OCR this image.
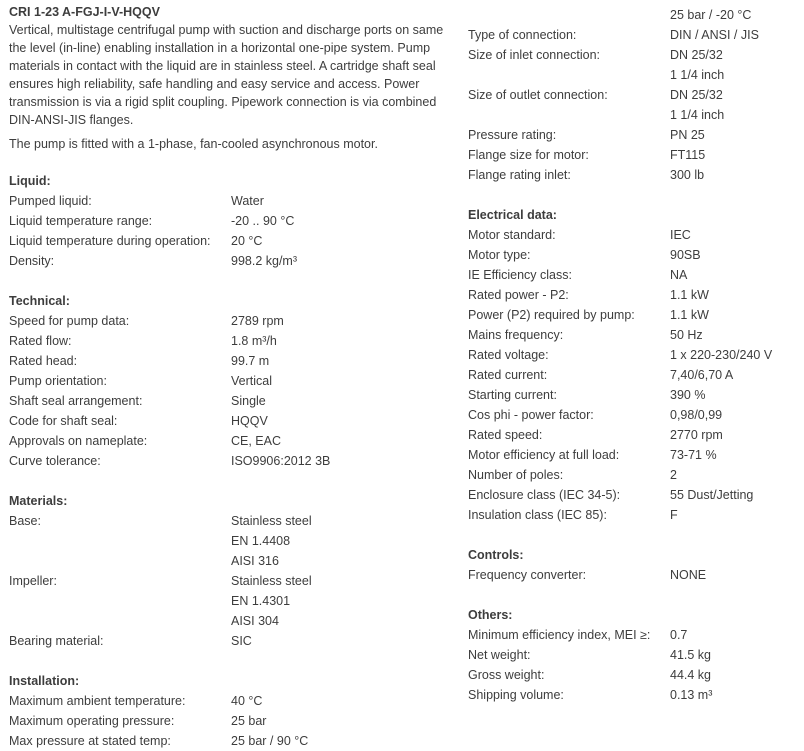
CRI 1-23 A-FGJ-I-V-HQQV

Vertical, multistage centrifugal pump with suction and discharge ports on same the level (in-line) enabling installation in a horizontal one-pipe system. Pump materials in contact with the liquid are in stainless steel. A cartridge shaft seal ensures high reliability, safe handling and easy service and access. Power transmission is via a rigid split coupling. Pipework connection is via combined DIN-ANSI-JIS flanges.

The pump is fitted with a 1-phase, fan-cooled asynchronous motor.

Liquid:
Pumped liquid:	Water
Liquid temperature range:	-20 .. 90 °C
Liquid temperature during operation:	20 °C
Density:	998.2 kg/m³
Technical:
Speed for pump data:	2789 rpm
Rated flow:	1.8 m³/h
Rated head:	99.7 m
Pump orientation:	Vertical
Shaft seal arrangement:	Single
Code for shaft seal:	HQQV
Approvals on nameplate:	CE, EAC
Curve tolerance:	ISO9906:2012 3B
Materials:
Base:	Stainless steel
EN 1.4408
AISI 316
Impeller:	Stainless steel
EN 1.4301
AISI 304
Bearing material:	SIC
Installation:
Maximum ambient temperature:	40 °C
Maximum operating pressure:	25 bar
Max pressure at stated temp:	25 bar / 90 °C
25 bar / -20 °C
Type of connection:	DIN / ANSI / JIS
Size of inlet connection:	DN 25/32
1 1/4 inch
Size of outlet connection:	DN 25/32
1 1/4 inch
Pressure rating:	PN 25
Flange size for motor:	FT115
Flange rating inlet:	300 lb
Electrical data:
Motor standard:	IEC
Motor type:	90SB
IE Efficiency class:	NA
Rated power - P2:	1.1 kW
Power (P2) required by pump:	1.1 kW
Mains frequency:	50 Hz
Rated voltage:	1 x 220-230/240 V
Rated current:	7,40/6,70 A
Starting current:	390 %
Cos phi - power factor:	0,98/0,99
Rated speed:	2770 rpm
Motor efficiency at full load:	73-71 %
Number of poles:	2
Enclosure class (IEC 34-5):	55 Dust/Jetting
Insulation class (IEC 85):	F
Controls:
Frequency converter:	NONE
Others:
Minimum efficiency index, MEI ≥:	0.7
Net weight:	41.5 kg
Gross weight:	44.4 kg
Shipping volume:	0.13 m³
